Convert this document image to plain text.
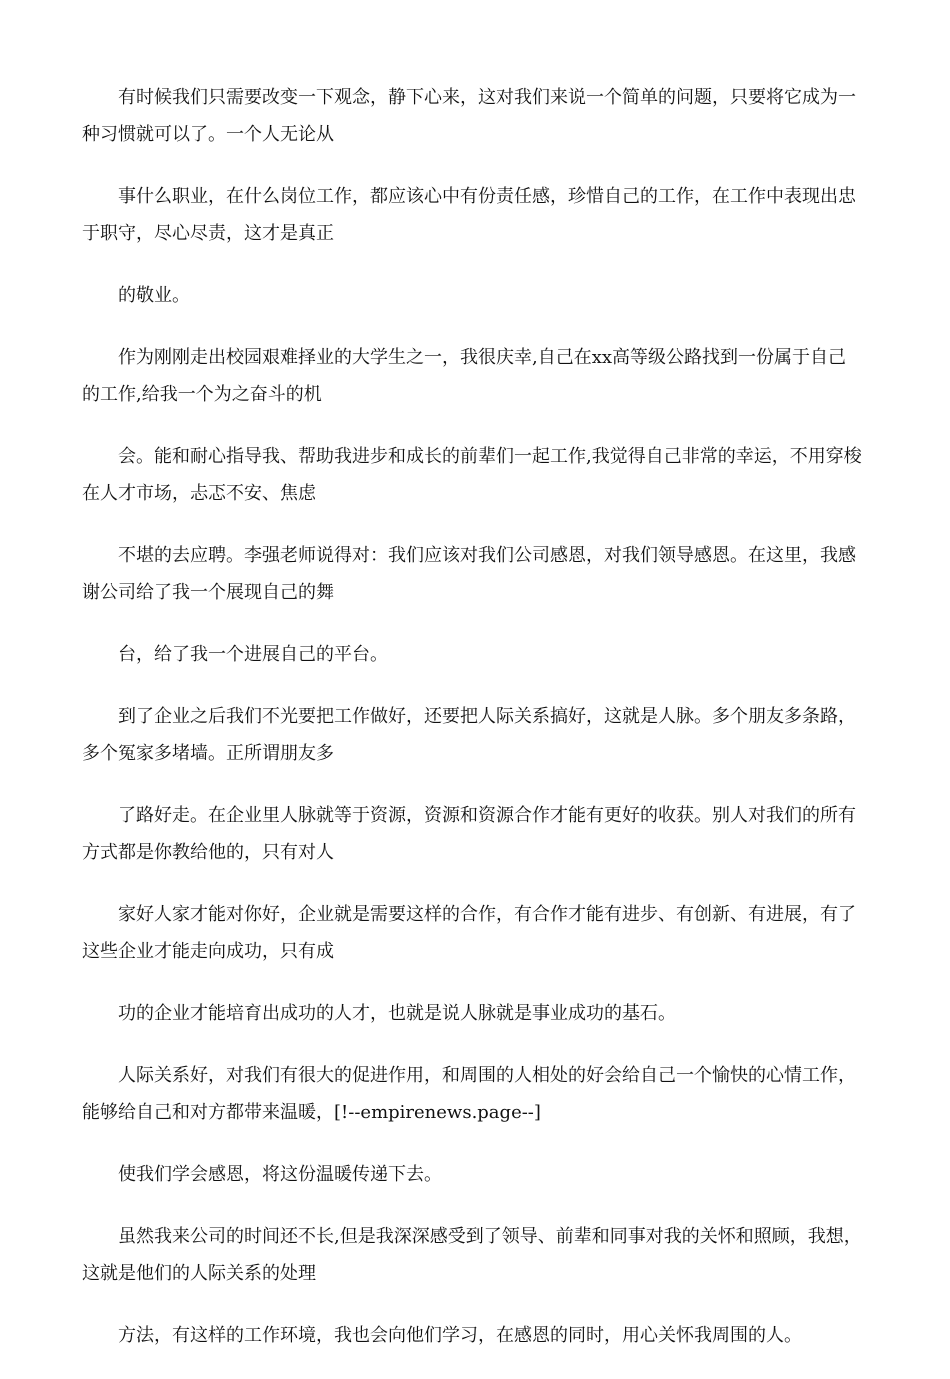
有时候我们只需要改变一下观念，静下心来，这对我们来说一个简单的问题，只要将它成为一
种习惯就可以了。一个人无论从

事什么职业，在什么岗位工作，都应该心中有份责任感，珍惜自己的工作，在工作中表现出忠
于职守，尽心尽责，这才是真正

的敬业。

作为刚刚走出校园艰难择业的大学生之一，我很庆幸,自己在xx高等级公路找到一份属于自己
的工作,给我一个为之奋斗的机

会。能和耐心指导我、帮助我进步和成长的前辈们一起工作,我觉得自己非常的幸运，不用穿梭
在人才市场，忐忑不安、焦虑

不堪的去应聘。李强老师说得对：我们应该对我们公司感恩，对我们领导感恩。在这里，我感
谢公司给了我一个展现自己的舞

台，给了我一个进展自己的平台。

到了企业之后我们不光要把工作做好，还要把人际关系搞好，这就是人脉。多个朋友多条路，
多个冤家多堵墙。正所谓朋友多

了路好走。在企业里人脉就等于资源，资源和资源合作才能有更好的收获。别人对我们的所有
方式都是你教给他的，只有对人

家好人家才能对你好，企业就是需要这样的合作，有合作才能有进步、有创新、有进展，有了
这些企业才能走向成功，只有成

功的企业才能培育出成功的人才，也就是说人脉就是事业成功的基石。

人际关系好，对我们有很大的促进作用，和周围的人相处的好会给自己一个愉快的心情工作，
能够给自己和对方都带来温暖，[!--empirenews.page--]

使我们学会感恩，将这份温暖传递下去。

虽然我来公司的时间还不长,但是我深深感受到了领导、前辈和同事对我的关怀和照顾，我想，
这就是他们的人际关系的处理

方法，有这样的工作环境，我也会向他们学习，在感恩的同时，用心关怀我周围的人。
